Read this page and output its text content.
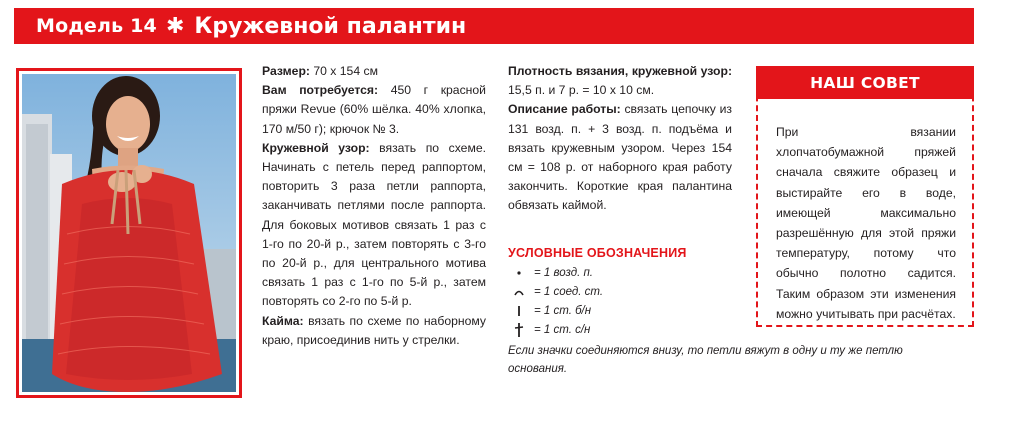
Модель 14 ✱ Кружевной палантин
Размер: 70 х 154 см
Вам потребуется: 450 г красной пряжи Revue (60% шёлка. 40% хлопка, 170 м/50 г); крючок № 3.
Кружевной узор: вязать по схеме. Начинать с петель перед раппортом, повторить 3 раза петли раппорта, заканчивать петлями после раппорта. Для боковых мотивов связать 1 раз с 1-го по 20-й р., затем повторять с 3-го по 20-й р., для центрального мотива связать 1 раз с 1-го по 5-й р., затем повторять со 2-го по 5-й р.
Кайма: вязать по схеме по наборному краю, присоединив нить у стрелки.
Плотность вязания, кружевной узор: 15,5 п. и 7 р. = 10 х 10 см.
Описание работы: связать цепочку из 131 возд. п. + 3 возд. п. подъёма и вязать кружевным узором. Через 154 см = 108 р. от наборного края работу закончить. Короткие края палантина обвязать каймой.
УСЛОВНЫЕ ОБОЗНАЧЕНИЯ
= 1 возд. п.
= 1 соед. ст.
= 1 ст. б/н
= 1 ст. с/н
Если значки соединяются внизу, то петли вяжут в одну и ту же петлю основания.
НАШ СОВЕТ
При вязании хлопчатобумажной пряжей сначала свяжите образец и выстирайте его в воде, имеющей максимально разрешённую для этой пряжи температуру, потому что обычно полотно садится. Таким образом эти изменения можно учитывать при расчётах.
